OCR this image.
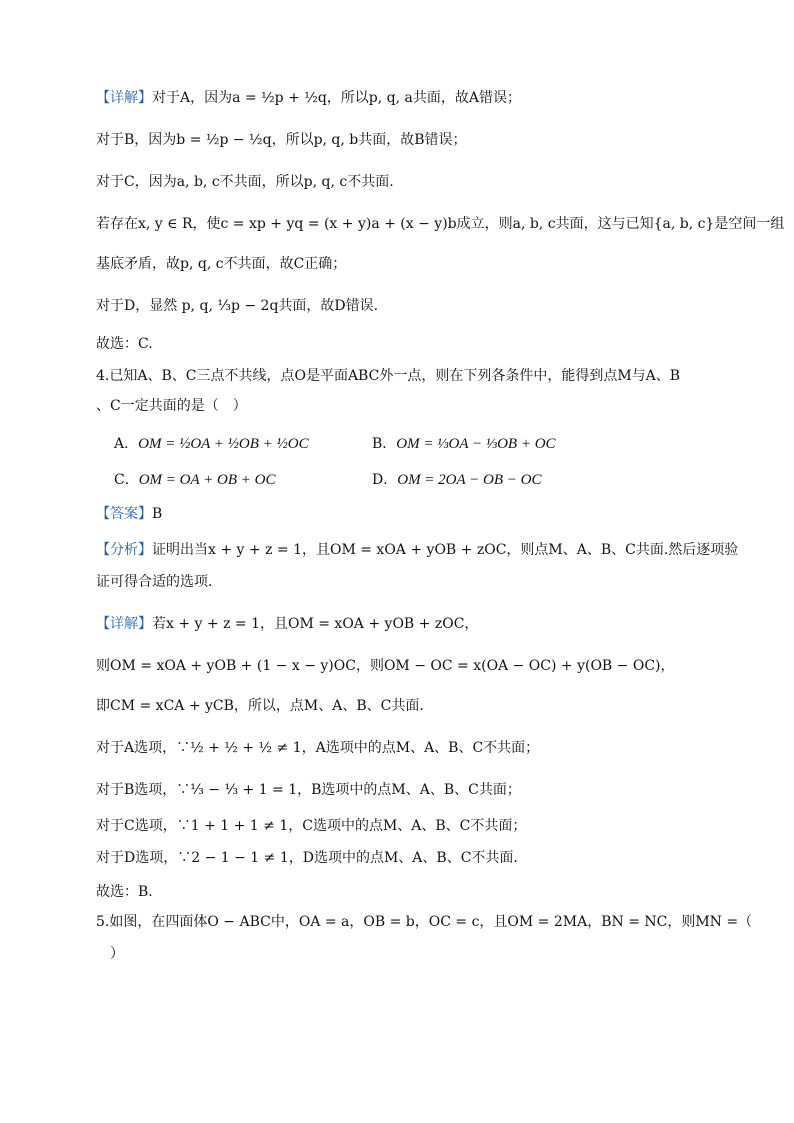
【详解】对于A，因为a = ½p + ½q，所以p, q, a共面，故A错误；
对于B，因为b = ½p − ½q，所以p, q, b共面，故B错误；
对于C，因为a, b, c不共面，所以p, q, c不共面.
若存在x, y ∈ R，使c = xp + yq = (x + y)a + (x − y)b成立，则a, b, c共面，这与已知{a, b, c}是空间一组
基底矛盾，故p, q, c不共面，故C正确；
对于D，显然 p, q, ⅓p − 2q共面，故D错误.
故选：C.
4.已知A、B、C三点不共线，点O是平面ABC外一点，则在下列各条件中，能得到点M与A、B
、C一定共面的是（　）
A．OM = ½OA + ½OB + ½OC	B．OM = ⅓OA − ⅓OB + OC
C．OM = OA + OB + OC	D．OM = 2OA − OB − OC
【答案】B
【分析】证明出当x + y + z = 1，且OM = xOA + yOB + zOC，则点M、A、B、C共面.然后逐项验
证可得合适的选项.
【详解】若x + y + z = 1，且OM = xOA + yOB + zOC，
则OM = xOA + yOB + (1 − x − y)OC，则OM − OC = x(OA − OC) + y(OB − OC)，
即CM = xCA + yCB，所以，点M、A、B、C共面.
对于A选项，∵½ + ½ + ½ ≠ 1，A选项中的点M、A、B、C不共面；
对于B选项，∵⅓ − ⅓ + 1 = 1，B选项中的点M、A、B、C共面；
对于C选项，∵1 + 1 + 1 ≠ 1，C选项中的点M、A、B、C不共面；
对于D选项，∵2 − 1 − 1 ≠ 1，D选项中的点M、A、B、C不共面.
故选：B.
5.如图，在四面体O − ABC中，OA = a，OB = b，OC = c，且OM = 2MA，BN = NC，则MN =（
　）
